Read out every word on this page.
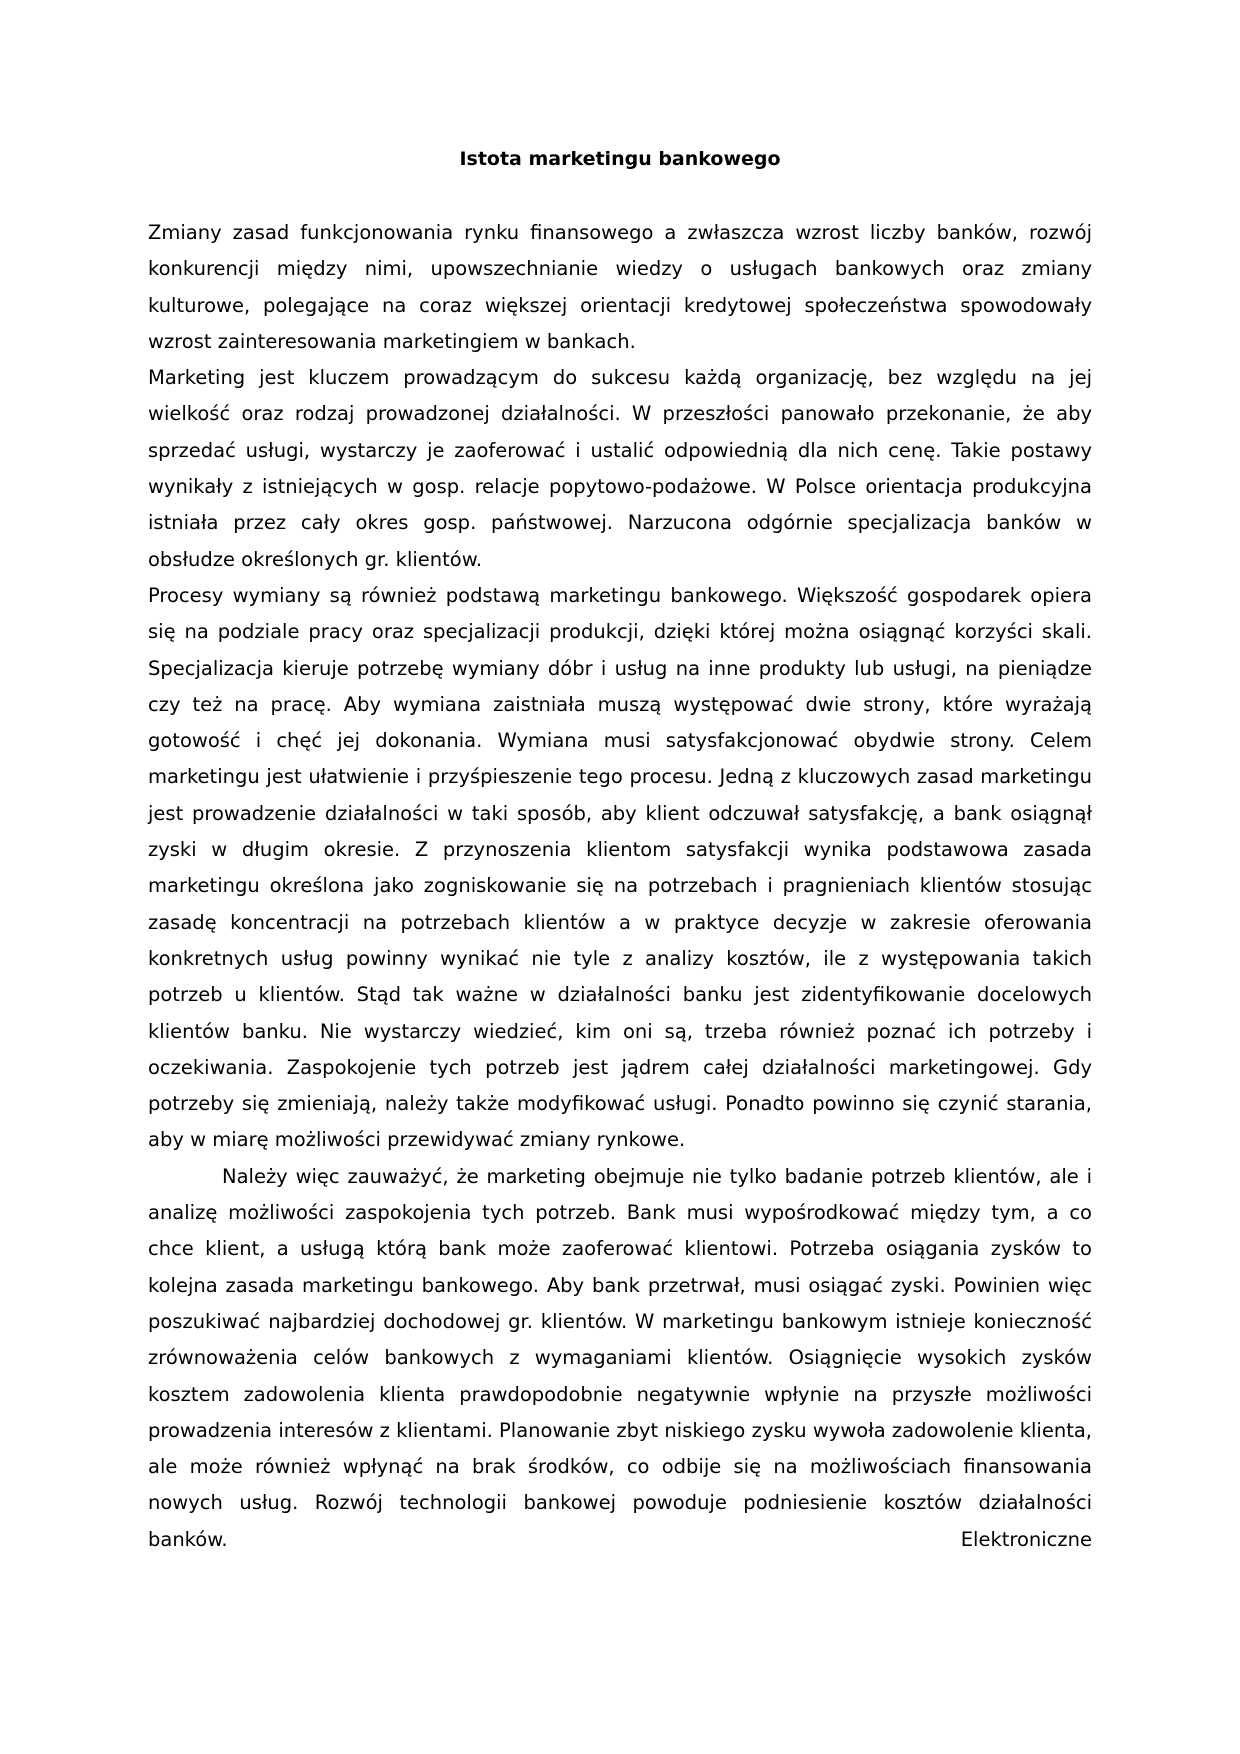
Istota marketingu bankowego

Zmiany zasad funkcjonowania rynku finansowego a zwłaszcza wzrost liczby banków, rozwój konkurencji między nimi, upowszechnianie wiedzy o usługach bankowych oraz zmiany kulturowe, polegające na coraz większej orientacji kredytowej społeczeństwa spowodowały wzrost zainteresowania marketingiem w bankach.

Marketing jest kluczem prowadzącym do sukcesu każdą organizację, bez względu na jej wielkość oraz rodzaj prowadzonej działalności. W przeszłości panowało przekonanie, że aby sprzedać usługi, wystarczy je zaoferować i ustalić odpowiednią dla nich cenę. Takie postawy wynikały z istniejących w gosp. relacje popytowo-podażowe. W Polsce orientacja produkcyjna istniała przez cały okres gosp. państwowej. Narzucona odgórnie specjalizacja banków w obsłudze określonych gr. klientów.

Procesy wymiany są również podstawą marketingu bankowego. Większość gospodarek opiera się na podziale pracy oraz specjalizacji produkcji, dzięki której można osiągnąć korzyści skali. Specjalizacja kieruje potrzebę wymiany dóbr i usług na inne produkty lub usługi, na pieniądze czy też na pracę. Aby wymiana zaistniała muszą występować dwie strony, które wyrażają gotowość i chęć jej dokonania. Wymiana musi satysfakcjonować obydwie strony. Celem marketingu jest ułatwienie i przyśpieszenie tego procesu. Jedną z kluczowych zasad marketingu jest prowadzenie działalności w taki sposób, aby klient odczuwał satysfakcję, a bank osiągnął zyski w długim okresie. Z przynoszenia klientom satysfakcji wynika podstawowa zasada marketingu określona jako zogniskowanie się na potrzebach i pragnieniach klientów stosując zasadę koncentracji na potrzebach klientów a w praktyce decyzje w zakresie oferowania konkretnych usług powinny wynikać nie tyle z analizy kosztów, ile z występowania takich potrzeb u klientów. Stąd tak ważne w działalności banku jest zidentyfikowanie docelowych klientów banku. Nie wystarczy wiedzieć, kim oni są, trzeba również poznać ich potrzeby i oczekiwania. Zaspokojenie tych potrzeb jest jądrem całej działalności marketingowej. Gdy potrzeby się zmieniają, należy także modyfikować usługi. Ponadto powinno się czynić starania, aby w miarę możliwości przewidywać zmiany rynkowe.

Należy więc zauważyć, że marketing obejmuje nie tylko badanie potrzeb klientów, ale i analizę możliwości zaspokojenia tych potrzeb. Bank musi wypośrodkować między tym, a co chce klient, a usługą którą bank może zaoferować klientowi. Potrzeba osiągania zysków to kolejna zasada marketingu bankowego. Aby bank przetrwał, musi osiągać zyski. Powinien więc poszukiwać najbardziej dochodowej gr. klientów. W marketingu bankowym istnieje konieczność zrównoważenia celów bankowych z wymaganiami klientów. Osiągnięcie wysokich zysków kosztem zadowolenia klienta prawdopodobnie negatywnie wpłynie na przyszłe możliwości prowadzenia interesów z klientami. Planowanie zbyt niskiego zysku wywoła zadowolenie klienta, ale może również wpłynąć na brak środków, co odbije się na możliwościach finansowania nowych usług. Rozwój technologii bankowej powoduje podniesienie kosztów działalności banków. Elektroniczne
